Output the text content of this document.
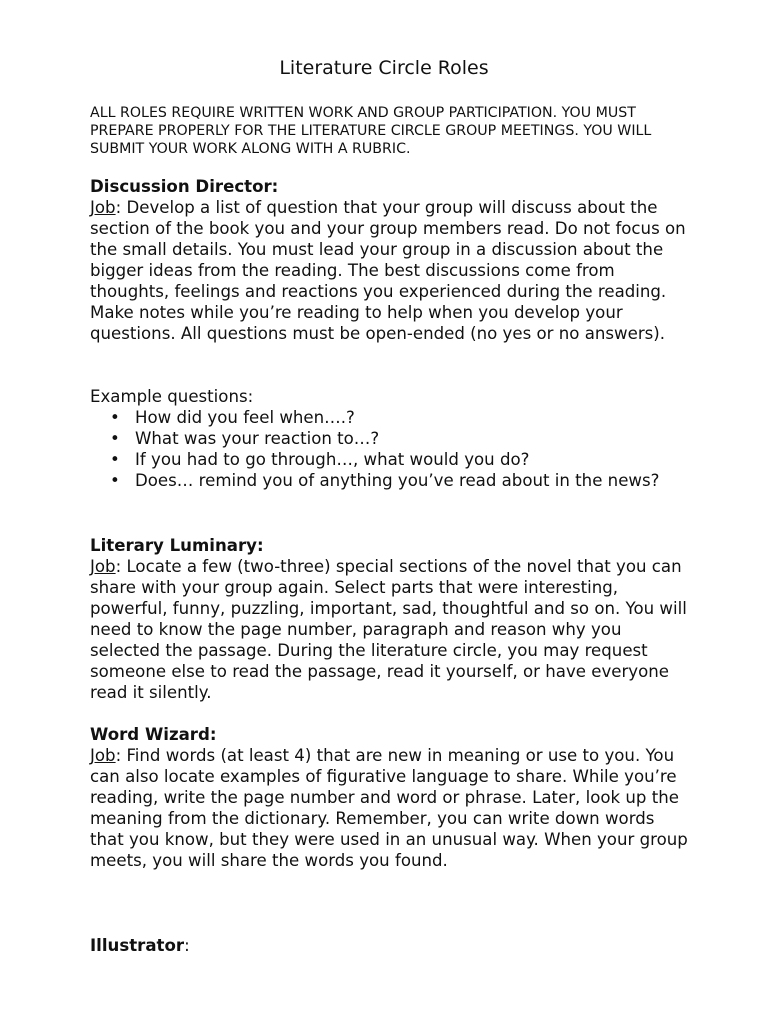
Literature Circle Roles

ALL ROLES REQUIRE WRITTEN WORK AND GROUP PARTICIPATION. YOU MUST PREPARE PROPERLY FOR THE LITERATURE CIRCLE GROUP MEETINGS. YOU WILL SUBMIT YOUR WORK ALONG WITH A RUBRIC.

Discussion Director:

Job: Develop a list of question that your group will discuss about the section of the book you and your group members read. Do not focus on the small details. You must lead your group in a discussion about the bigger ideas from the reading. The best discussions come from thoughts, feelings and reactions you experienced during the reading. Make notes while you’re reading to help when you develop your questions. All questions must be open-ended (no yes or no answers).

Example questions:

• How did you feel when….?
• What was your reaction to…?
• If you had to go through…, what would you do?
• Does… remind you of anything you’ve read about in the news?

Literary Luminary:

Job: Locate a few (two-three) special sections of the novel that you can share with your group again. Select parts that were interesting, powerful, funny, puzzling, important, sad, thoughtful and so on. You will need to know the page number, paragraph and reason why you selected the passage. During the literature circle, you may request someone else to read the passage, read it yourself, or have everyone read it silently.

Word Wizard:

Job: Find words (at least 4) that are new in meaning or use to you. You can also locate examples of figurative language to share. While you’re reading, write the page number and word or phrase. Later, look up the meaning from the dictionary. Remember, you can write down words that you know, but they were used in an unusual way. When your group meets, you will share the words you found.

Illustrator:
